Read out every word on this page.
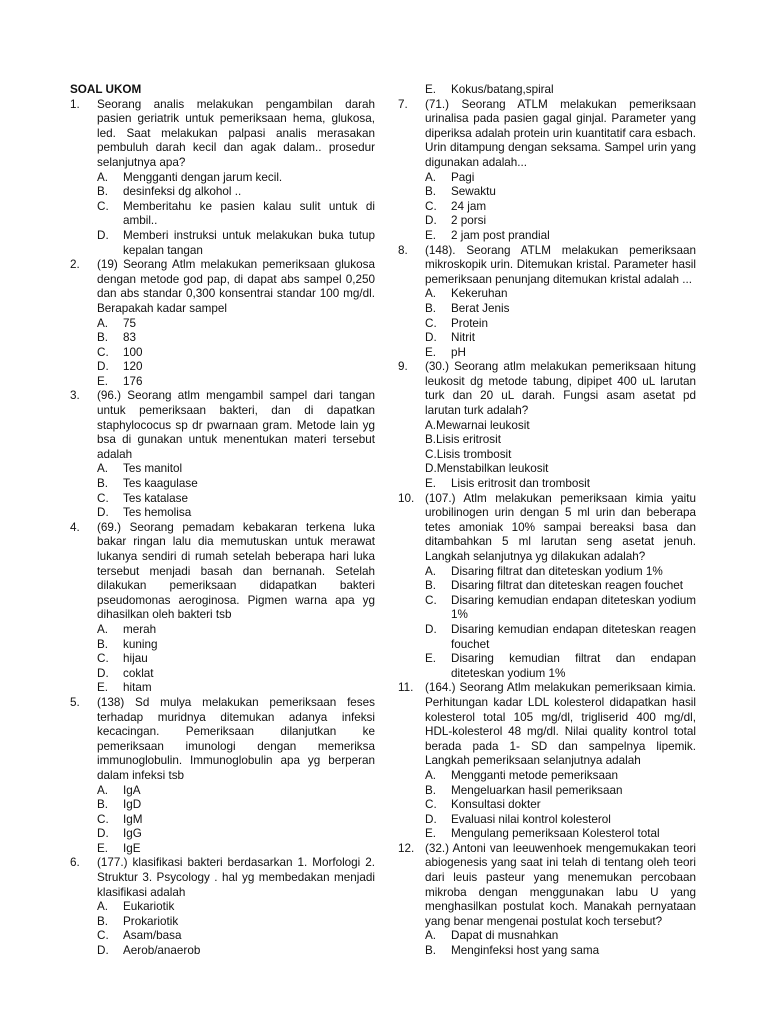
SOAL UKOM

1.	Seorang analis melakukan pengambilan darah pasien geriatrik untuk pemeriksaan hema, glukosa, led. Saat melakukan palpasi analis merasakan pembuluh darah kecil dan agak dalam.. prosedur selanjutnya apa?
A.	Mengganti dengan jarum kecil.
B.	desinfeksi dg alkohol ..
C.	Memberitahu ke pasien kalau sulit untuk di ambil..
D.	Memberi instruksi untuk melakukan buka tutup kepalan tangan
2.	(19) Seorang Atlm melakukan pemeriksaan glukosa dengan metode god pap, di dapat abs sampel 0,250 dan abs standar 0,300 konsentrai standar 100 mg/dl. Berapakah kadar sampel
A.	75
B.	83
C.	100
D.	120
E.	176
3.	(96.) Seorang atlm mengambil sampel dari tangan untuk pemeriksaan bakteri, dan di dapatkan staphylococus sp dr pwarnaan gram. Metode lain yg bsa di gunakan untuk menentukan materi tersebut adalah
A.	Tes manitol
B.	Tes kaagulase
C.	Tes katalase
D.	Tes hemolisa
4.	(69.) Seorang pemadam kebakaran terkena luka bakar ringan lalu dia memutuskan untuk merawat lukanya sendiri di rumah setelah beberapa hari luka tersebut menjadi basah dan bernanah. Setelah dilakukan pemeriksaan didapatkan bakteri pseudomonas aeroginosa. Pigmen warna apa yg dihasilkan oleh bakteri tsb
A.	merah
B.	kuning
C.	hijau
D.	coklat
E.	hitam
5.	(138) Sd mulya melakukan pemeriksaan feses terhadap muridnya ditemukan adanya infeksi kecacingan. Pemeriksaan dilanjutkan ke pemeriksaan imunologi dengan memeriksa immunoglobulin. Immunoglobulin apa yg berperan dalam infeksi tsb
A.	IgA
B.	IgD
C.	IgM
D.	IgG
E.	IgE
6.	(177.) klasifikasi bakteri berdasarkan 1. Morfologi 2. Struktur 3. Psycology . hal yg membedakan menjadi klasifikasi adalah
A.	Eukariotik
B.	Prokariotik
C.	Asam/basa
D.	Aerob/anaerob
E.	Kokus/batang,spiral
7.	(71.) Seorang ATLM melakukan pemeriksaan urinalisa pada pasien gagal ginjal. Parameter yang diperiksa adalah protein urin kuantitatif cara esbach. Urin ditampung dengan seksama. Sampel urin yang digunakan adalah...
A.	Pagi
B.	Sewaktu
C.	24 jam
D.	2 porsi
E.	2 jam post prandial
8.	(148). Seorang ATLM melakukan pemeriksaan mikroskopik urin. Ditemukan kristal. Parameter hasil pemeriksaan penunjang ditemukan kristal adalah ...
A.	Kekeruhan
B.	Berat Jenis
C.	Protein
D.	Nitrit
E.	pH
9.	(30.) Seorang atlm melakukan pemeriksaan hitung leukosit dg metode tabung, dipipet 400 uL larutan turk dan 20 uL darah. Fungsi asam asetat pd larutan turk adalah?
A.Mewarnai leukosit
B.Lisis eritrosit
C.Lisis trombosit
D.Menstabilkan leukosit
E.	Lisis eritrosit dan trombosit
10. (107.) Atlm melakukan pemeriksaan kimia yaitu urobilinogen urin dengan 5 ml urin dan beberapa tetes amoniak 10% sampai bereaksi basa dan ditambahkan 5 ml larutan seng asetat jenuh. Langkah selanjutnya yg dilakukan adalah?
A.	Disaring filtrat dan diteteskan yodium 1%
B.	Disaring filtrat dan diteteskan reagen fouchet
C.	Disaring kemudian endapan diteteskan yodium 1%
D.	Disaring kemudian endapan diteteskan reagen fouchet
E.	Disaring kemudian filtrat dan endapan diteteskan yodium 1%
11. (164.) Seorang Atlm melakukan pemeriksaan kimia. Perhitungan kadar LDL kolesterol didapatkan hasil kolesterol total 105 mg/dl, trigliserid 400 mg/dl, HDL-kolesterol 48 mg/dl. Nilai quality kontrol total berada pada 1- SD dan sampelnya lipemik. Langkah pemeriksaan selanjutnya adalah
A.	Mengganti metode pemeriksaan
B.	Mengeluarkan hasil pemeriksaan
C.	Konsultasi dokter
D.	Evaluasi nilai kontrol kolesterol
E.	Mengulang pemeriksaan Kolesterol total
12. (32.) Antoni van leeuwenhoek mengemukakan teori abiogenesis yang saat ini telah di tentang oleh teori dari leuis pasteur yang menemukan percobaan mikroba dengan menggunakan labu U yang menghasilkan postulat koch. Manakah pernyataan yang benar mengenai postulat koch tersebut?
A.	Dapat di musnahkan
B.	Menginfeksi host yang sama
